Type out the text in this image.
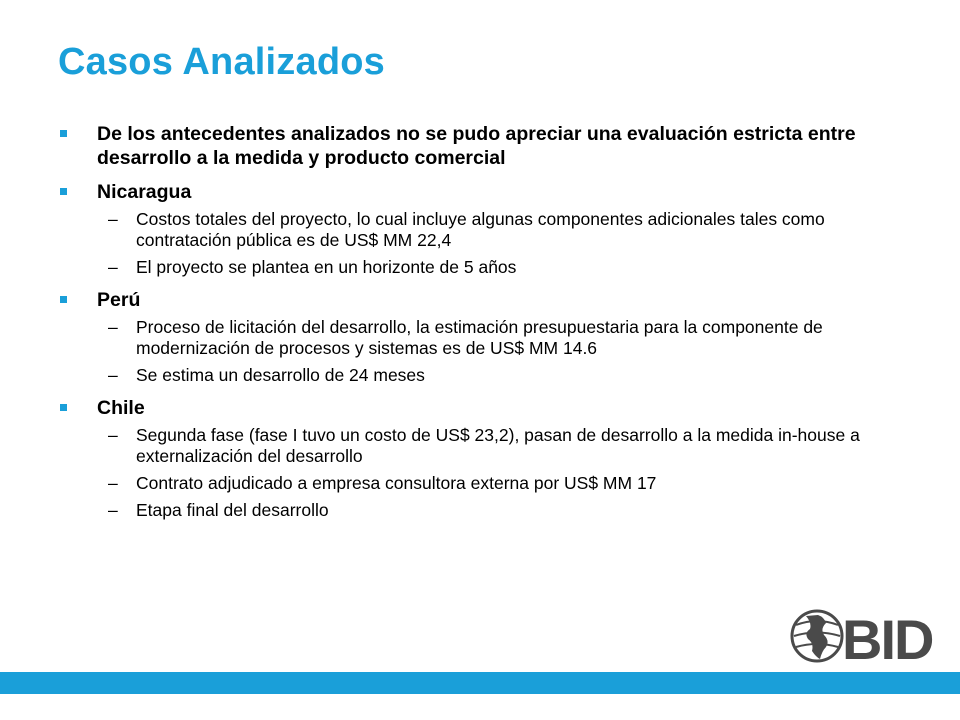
Casos Analizados
De los antecedentes analizados no se pudo apreciar una evaluación estricta entre desarrollo a la medida y producto comercial
Nicaragua
– Costos totales del proyecto, lo cual incluye algunas componentes adicionales tales como contratación pública es de US$ MM 22,4
– El proyecto se plantea en un horizonte de 5 años
Perú
– Proceso de licitación del desarrollo, la estimación presupuestaria para la componente de modernización de procesos y sistemas es de US$ MM 14.6
– Se estima un desarrollo de 24 meses
Chile
– Segunda fase (fase I tuvo un costo de US$ 23,2), pasan de desarrollo a la medida in-house a externalización del desarrollo
– Contrato adjudicado a empresa consultora externa por US$ MM 17
– Etapa final del desarrollo
BID
